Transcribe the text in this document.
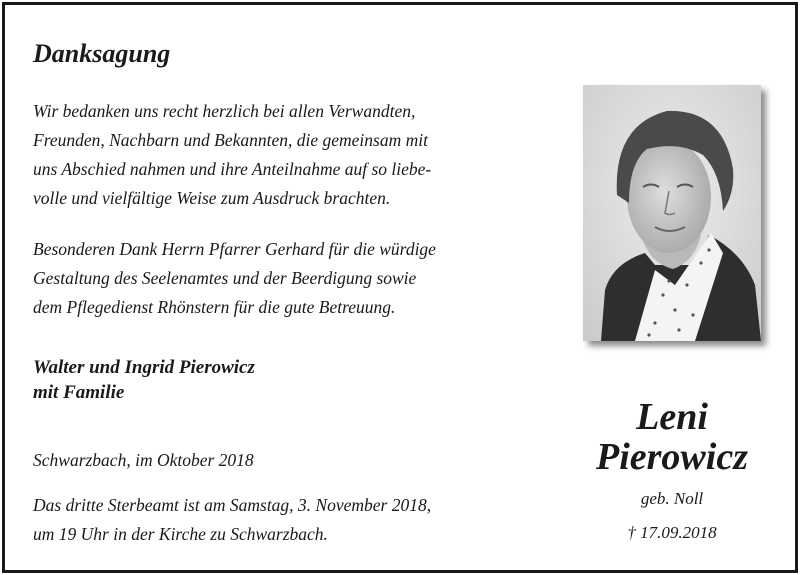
Danksagung
Wir bedanken uns recht herzlich bei allen Verwandten,
Freunden, Nachbarn und Bekannten, die gemeinsam mit
uns Abschied nahmen und ihre Anteilnahme auf so liebe-
volle und vielfältige Weise zum Ausdruck brachten.
Besonderen Dank Herrn Pfarrer Gerhard für die würdige
Gestaltung des Seelenamtes und der Beerdigung sowie
dem Pflegedienst Rhönstern für die gute Betreuung.
Walter und Ingrid Pierowicz
mit Familie
Schwarzbach, im Oktober 2018
Das dritte Sterbeamt ist am Samstag, 3. November 2018,
um 19 Uhr in der Kirche zu Schwarzbach.
Leni
Pierowicz
geb. Noll
† 17.09.2018
